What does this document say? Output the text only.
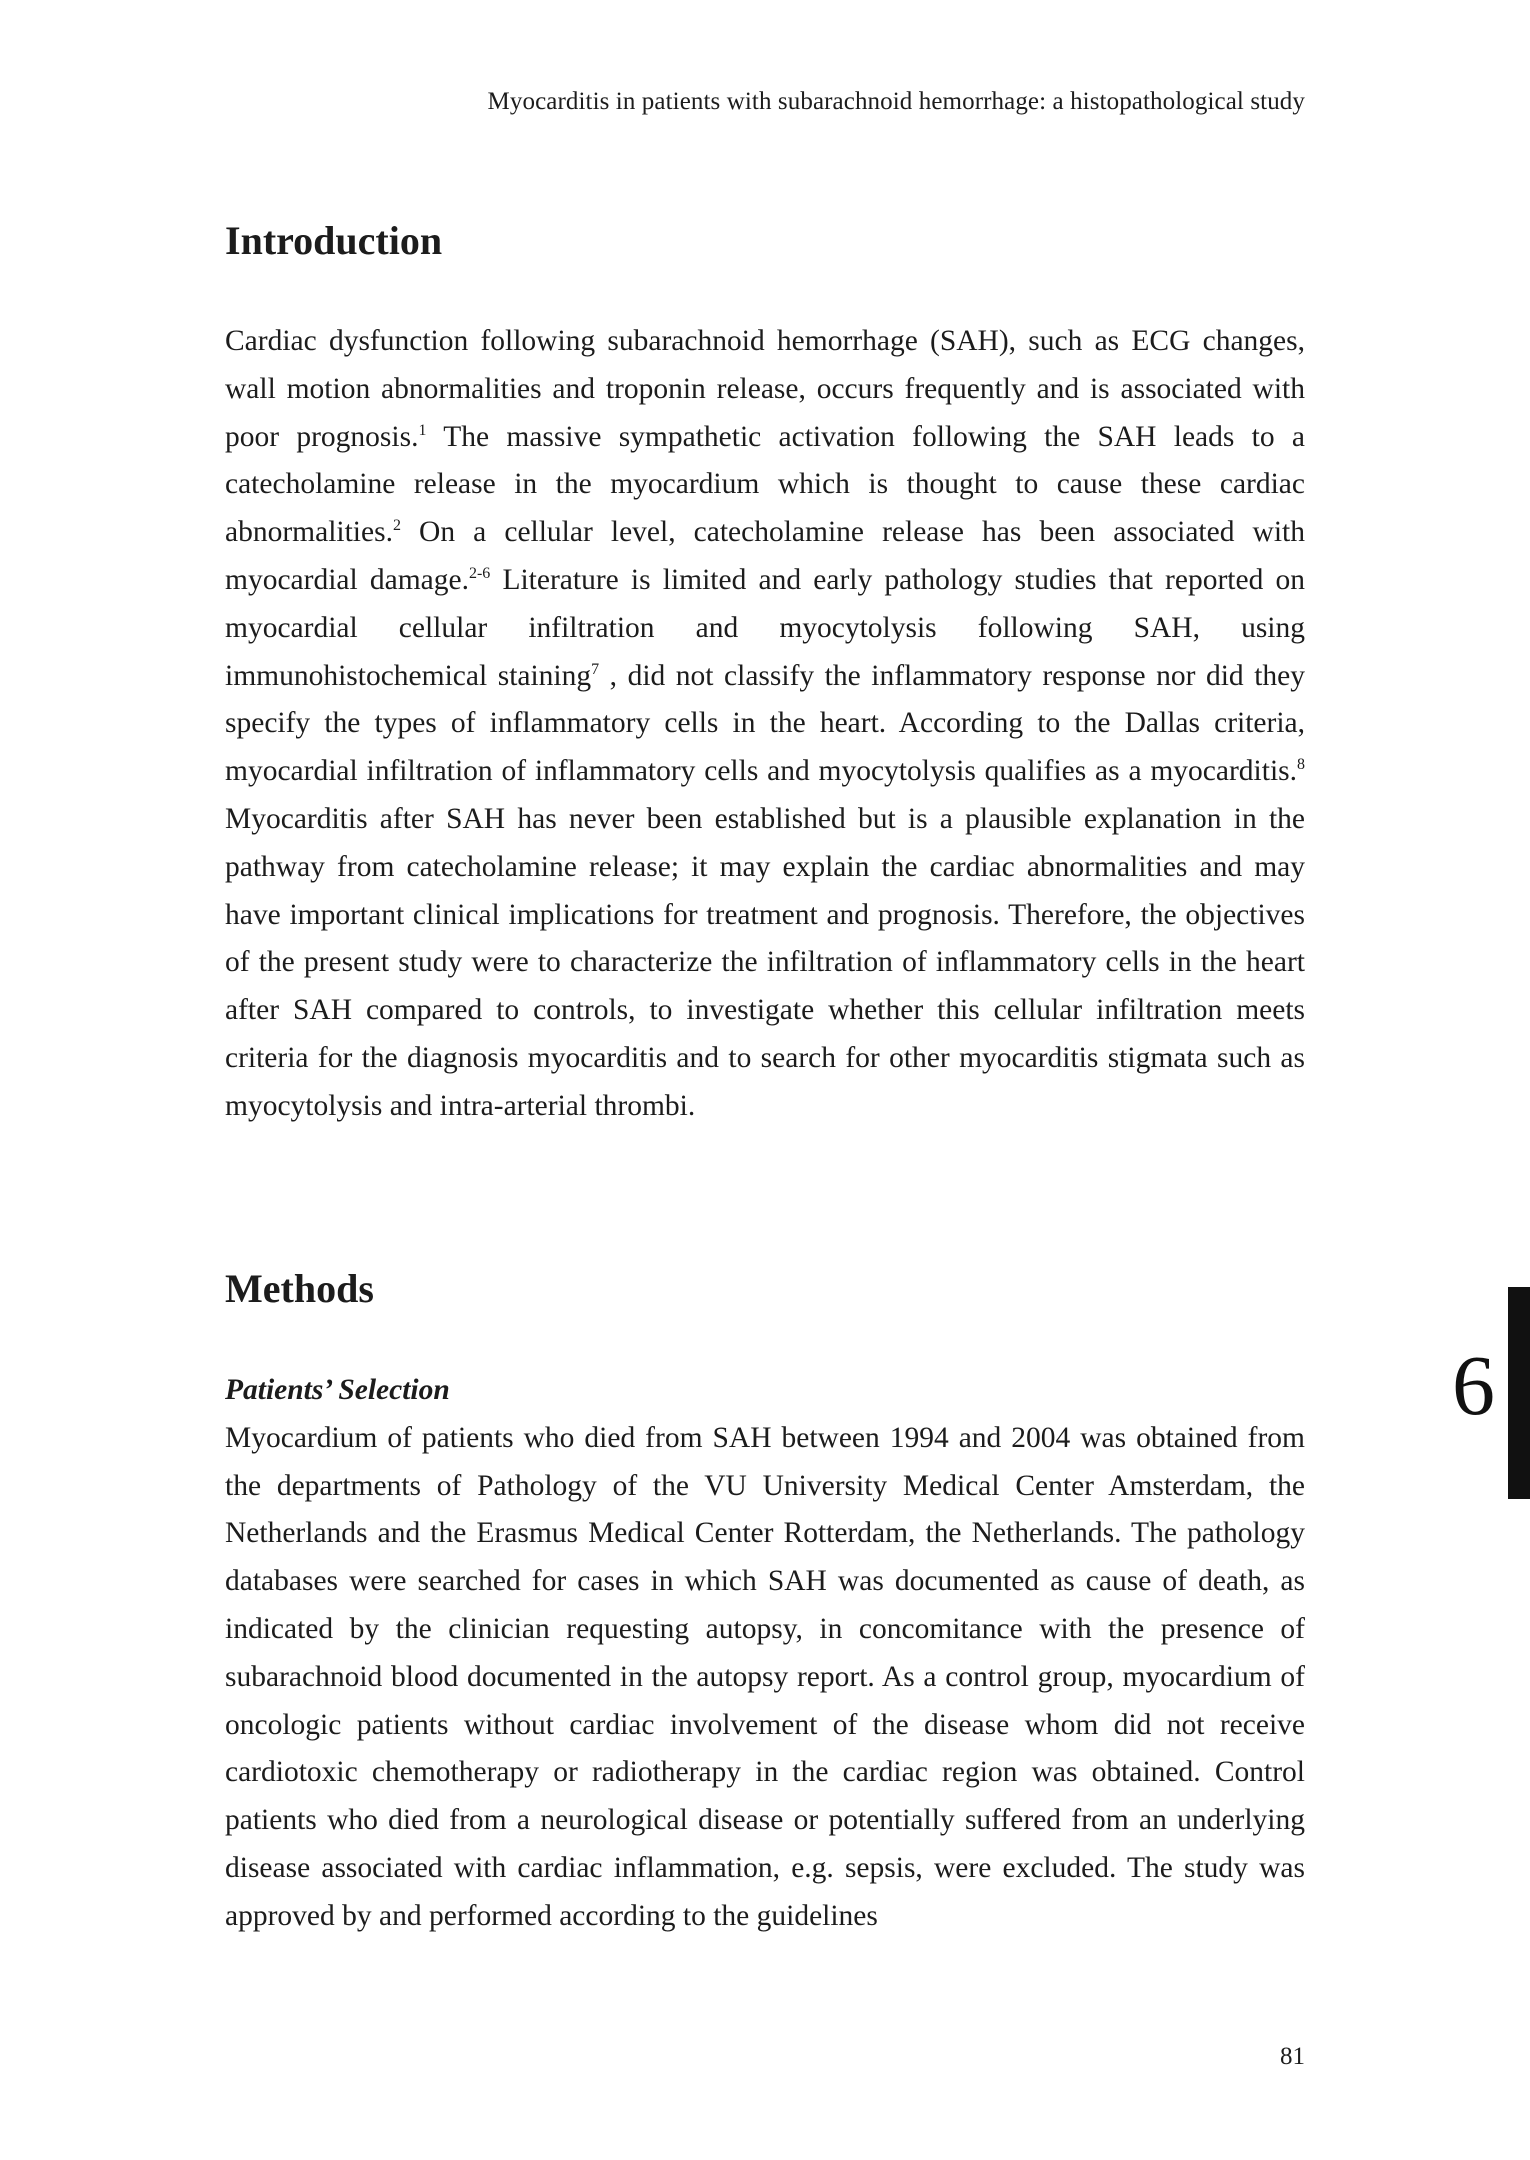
Myocarditis in patients with subarachnoid hemorrhage: a histopathological study
Introduction

Cardiac dysfunction following subarachnoid hemorrhage (SAH), such as ECG changes, wall motion abnormalities and troponin release, occurs frequently and is associated with poor prognosis.$^1$ The massive sympathetic activation following the SAH leads to a catecholamine release in the myocardium which is thought to cause these cardiac abnormalities.$^2$ On a cellular level, catecholamine release has been associated with myocardial damage.$^{2-6}$ Literature is limited and early pathology studies that reported on myocardial cellular infiltration and myocytolysis following SAH, using immunohistochemical staining$^7$ , did not classify the inflammatory response nor did they specify the types of inflammatory cells in the heart. According to the Dallas criteria, myocardial infiltration of inflammatory cells and myocytolysis qualifies as a myocarditis.$^8$ Myocarditis after SAH has never been established but is a plausible explanation in the pathway from catecholamine release; it may explain the cardiac abnormalities and may have important clinical implications for treatment and prognosis. Therefore, the objectives of the present study were to characterize the infiltration of inflammatory cells in the heart after SAH compared to controls, to investigate whether this cellular infiltration meets criteria for the diagnosis myocarditis and to search for other myocarditis stigmata such as myocytolysis and intra-arterial thrombi.

Methods
Patients’ Selection

Myocardium of patients who died from SAH between 1994 and 2004 was obtained from the departments of Pathology of the VU University Medical Center Amsterdam, the Netherlands and the Erasmus Medical Center Rotterdam, the Netherlands. The pathology databases were searched for cases in which SAH was documented as cause of death, as indicated by the clinician requesting autopsy, in concomitance with the presence of subarachnoid blood documented in the autopsy report. As a control group, myocardium of oncologic patients without cardiac involvement of the disease whom did not receive cardiotoxic chemotherapy or radiotherapy in the cardiac region was obtained. Control patients who died from a neurological disease or potentially suffered from an underlying disease associated with cardiac inflammation, e.g. sepsis, were excluded. The study was approved by and performed according to the guidelines

6
81
